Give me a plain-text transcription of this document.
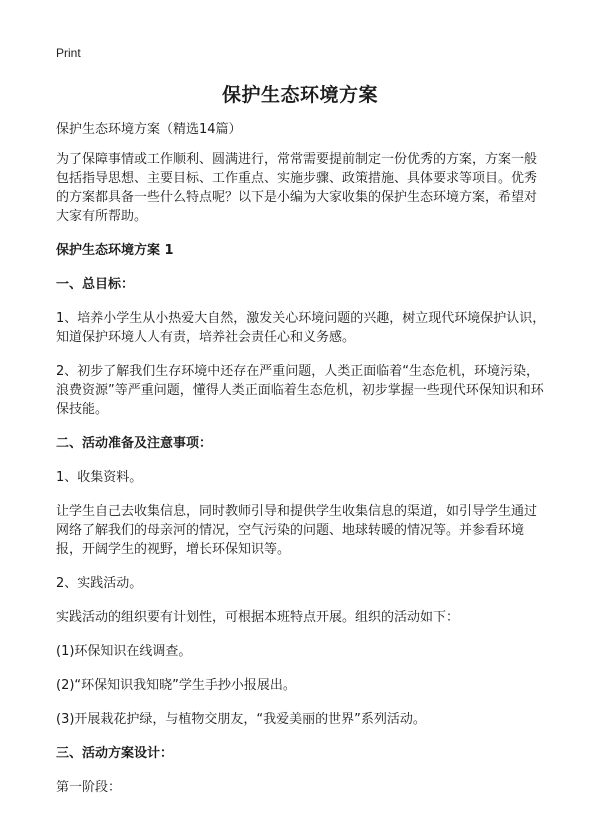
Print
保护生态环境方案

保护生态环境方案（精选14篇）

为了保障事情或工作顺利、圆满进行，常常需要提前制定一份优秀的方案，方案一般包括指导思想、主要目标、工作重点、实施步骤、政策措施、具体要求等项目。优秀的方案都具备一些什么特点呢？以下是小编为大家收集的保护生态环境方案，希望对大家有所帮助。

保护生态环境方案 1

一、总目标：

1、培养小学生从小热爱大自然，激发关心环境问题的兴趣，树立现代环境保护认识，知道保护环境人人有责，培养社会责任心和义务感。

2、初步了解我们生存环境中还存在严重问题，人类正面临着“生态危机，环境污染，浪费资源”等严重问题，懂得人类正面临着生态危机，初步掌握一些现代环保知识和环保技能。

二、活动准备及注意事项：

1、收集资料。

让学生自己去收集信息，同时教师引导和提供学生收集信息的渠道，如引导学生通过网络了解我们的母亲河的情况，空气污染的问题、地球转暖的情况等。并参看环境报，开阔学生的视野，增长环保知识等。

2、实践活动。

实践活动的组织要有计划性，可根据本班特点开展。组织的活动如下：

(1)环保知识在线调查。

(2)“环保知识我知晓”学生手抄小报展出。

(3)开展栽花护绿，与植物交朋友，“我爱美丽的世界”系列活动。

三、活动方案设计：

第一阶段：
